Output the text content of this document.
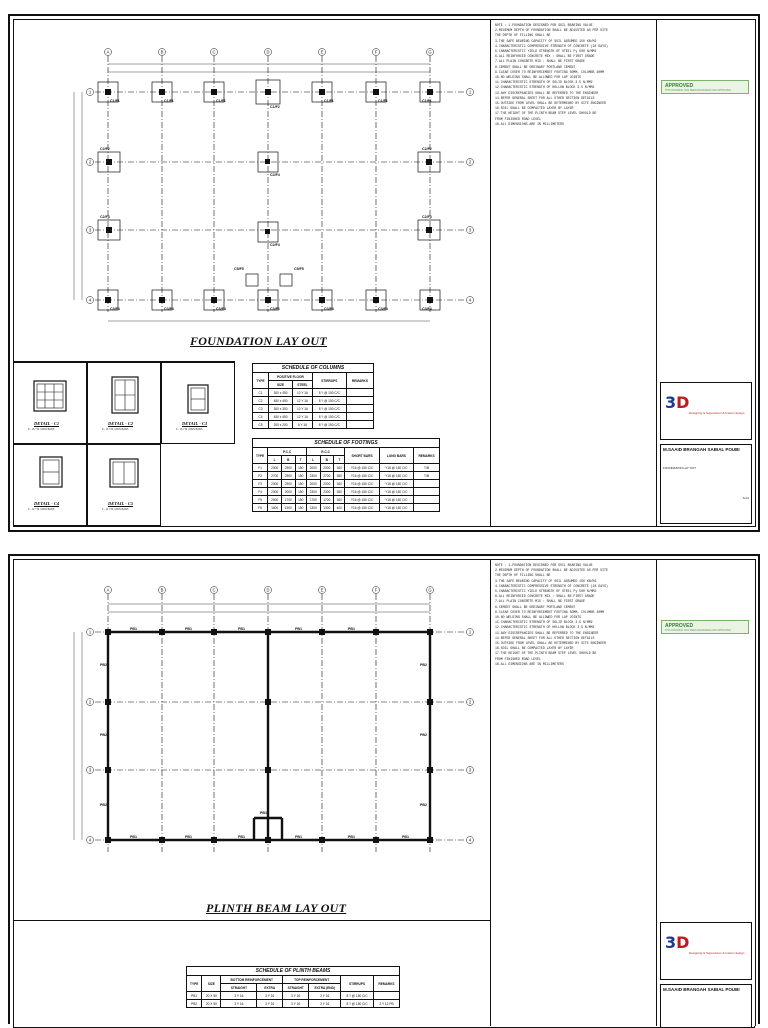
A	B	C	D	E	F	G
1	1
2	2
3	3
4	4
C1/F1	C1/F1	C1/F1
C1/F2
C1/F1	C1/F1	C1/F1
C2/F2
C2/F4
C2/F2
C2/F3
C2/F4
C2/F3
C5/F5	C5/F5
C3/F4	C3/F4	C3/F4	C3/F6	C3/F4	C3/F4	C3/F4
FOUNDATION LAY OUT
DETAIL - C1
8 - 16 ? M. MAIN BARS
DETAIL - C2
8 - 16 ? M. MAIN BARS
DETAIL - C3
6 - 16 ? M. MAIN BARS
DETAIL - C4
4 - 12 ? M. MAIN BARS
DETAIL - C5
4 - 12 ? M. MAIN BARS
SCHEDULE OF COLUMNS
TYPE	POSITIVE FLOOR		STIRRUPS	REMARKS
	SIZE	STEEL		
C1	300 x 450	10 Y 16	8 ? @ 150 C/C	
C2	450 x 450	12 Y 16	8 ? @ 150 C/C	
C3	300 x 300	10 Y 16	8 ? @ 150 C/C	
C4	450 x 450	12 Y 16	8 ? @ 150 C/C	
C5	200 x 200	6 Y 16	8 ? @ 150 C/C	
SCHEDULE OF FOOTINGS
TYPE	P.C.C			R.C.C			SHORT BARS	LONG BARS	REMARKS
	L	B	T	L	B	T			
F1	2300	2300	150	2000	2000	300	Y16 @ 150 C/C	Y16 @ 150 C/C	T/B
F2	2700	2300	150	2300	2700	350	Y16 @ 150 C/C	Y16 @ 150 C/C	T/B
F3	2300	2300	150	2000	2000	300	Y16 @ 150 C/C	Y16 @ 150 C/C	
F4	2300	2000	150	2300	2300	350	Y16 @ 150 C/C	Y16 @ 150 C/C	
F5	2000	1700	150	1700	1700	300	Y16 @ 150 C/C	Y16 @ 150 C/C	
F6	1600	1300	150	1300	1300	400	Y16 @ 150 C/C	Y16 @ 150 C/C	
NOTE : 1.FOUNDATION DESIGNED FOR SOIL BEARING VALUE
2.MINIMUM DEPTH OF FOUNDATION SHALL BE ADJUSTED AS PER SITE
THE DEPTH OF FILLING SHALL BE
3.THE SAFE BEARING CAPACITY OF SOIL ASSUMED 150 KN/M2
4.CHARACTERISTIC COMPRESSIVE STRENGTH OF CONCRETE (28 DAYS)
5.CHARACTERISTIC YIELD STRENGTH OF STEEL Fy 500 N/MM2
6.ALL REINFORCED CONCRETE MIX : SHALL BE FIRST GRADE
7.ALL PLAIN CONCRETE MIX : SHALL BE FIRST GRADE
8.CEMENT SHALL BE ORDINARY PORTLAND CEMENT
9.CLEAR COVER TO REINFORCEMENT FOOTING 50MM, COLUMNS 40MM
10.NO WELDING SHALL BE ALLOWED FOR LAP JOINTS
11.CHARACTERISTIC STRENGTH OF SOLID BLOCK 3.5 N/MM2
12.CHARACTERISTIC STRENGTH OF HOLLOW BLOCK 3.5 N/MM2
13.ANY DISCREPANCIES SHALL BE REFERRED TO THE ENGINEER
14.REFER GENERAL SHEET FOR ALL OTHER SECTION DETAILS
15.OUTSIDE FROM LEVEL SHALL BE DETERMINED BY SITE ENGINEER
16.SOIL SHALL BE COMPACTED LAYER BY LAYER
17.THE HEIGHT OF THE PLINTH BEAM STEP LEVEL SHOULD BE
FROM FINISHED ROAD LEVEL
18.ALL DIMENSIONS ARE IN MILLIMETERS
APPROVED
THIS DRAWING HAS BEEN REVIEWED AND APPROVED
3D
Designing & Supervision & Interior design
M.SAAID BRANGAH SABIAL POUBI
FOUNDATION LAY OUT
S-01
A	B	C	D	E	F	G
1	1
2	2
3	3
4	4
PB1	PB1	PB1	PB1	PB1
PB2
PB2
PB2
PB2
PB2
PB2
PB1	PB1	PB1	PB1	PB1	PB1
PB1
PLINTH BEAM LAY OUT
SCHEDULE OF PLINTH BEAMS
TYPE	SIZE	BOTTOM REINFORCEMENT		TOP REINFORCEMENT		STIRRUPS	REMARKS
		STRAIGHT	EXTRA	STRAIGHT	EXTRA (END)		
PB1	20 X 50	3 Y 16	3 Y 16	3 Y 16	2 Y 16	8 ? @ 150 C/C	
PB2	20 X 50	3 Y 16	3 Y 16	3 Y 16	2 Y 16	8 ? @ 150 C/C	2 Y 12 PB
NOTE : 1.FOUNDATION DESIGNED FOR SOIL BEARING VALUE
2.MINIMUM DEPTH OF FOUNDATION SHALL BE ADJUSTED AS PER SITE
THE DEPTH OF FILLING SHALL BE
3.THE SAFE BEARING CAPACITY OF SOIL ASSUMED 150 KN/M2
4.CHARACTERISTIC COMPRESSIVE STRENGTH OF CONCRETE (28 DAYS)
5.CHARACTERISTIC YIELD STRENGTH OF STEEL Fy 500 N/MM2
6.ALL REINFORCED CONCRETE MIX : SHALL BE FIRST GRADE
7.ALL PLAIN CONCRETE MIX : SHALL BE FIRST GRADE
8.CEMENT SHALL BE ORDINARY PORTLAND CEMENT
9.CLEAR COVER TO REINFORCEMENT FOOTING 50MM, COLUMNS 40MM
10.NO WELDING SHALL BE ALLOWED FOR LAP JOINTS
11.CHARACTERISTIC STRENGTH OF SOLID BLOCK 3.5 N/MM2
12.CHARACTERISTIC STRENGTH OF HOLLOW BLOCK 3.5 N/MM2
13.ANY DISCREPANCIES SHALL BE REFERRED TO THE ENGINEER
14.REFER GENERAL SHEET FOR ALL OTHER SECTION DETAILS
15.OUTSIDE FROM LEVEL SHALL BE DETERMINED BY SITE ENGINEER
16.SOIL SHALL BE COMPACTED LAYER BY LAYER
17.THE HEIGHT OF THE PLINTH BEAM STEP LEVEL SHOULD BE
FROM FINISHED ROAD LEVEL
18.ALL DIMENSIONS ARE IN MILLIMETERS
APPROVED
THIS DRAWING HAS BEEN REVIEWED AND APPROVED
3D
Designing & Supervision & Interior design
M.SAAID BRANGAH SABIAL POUBI
